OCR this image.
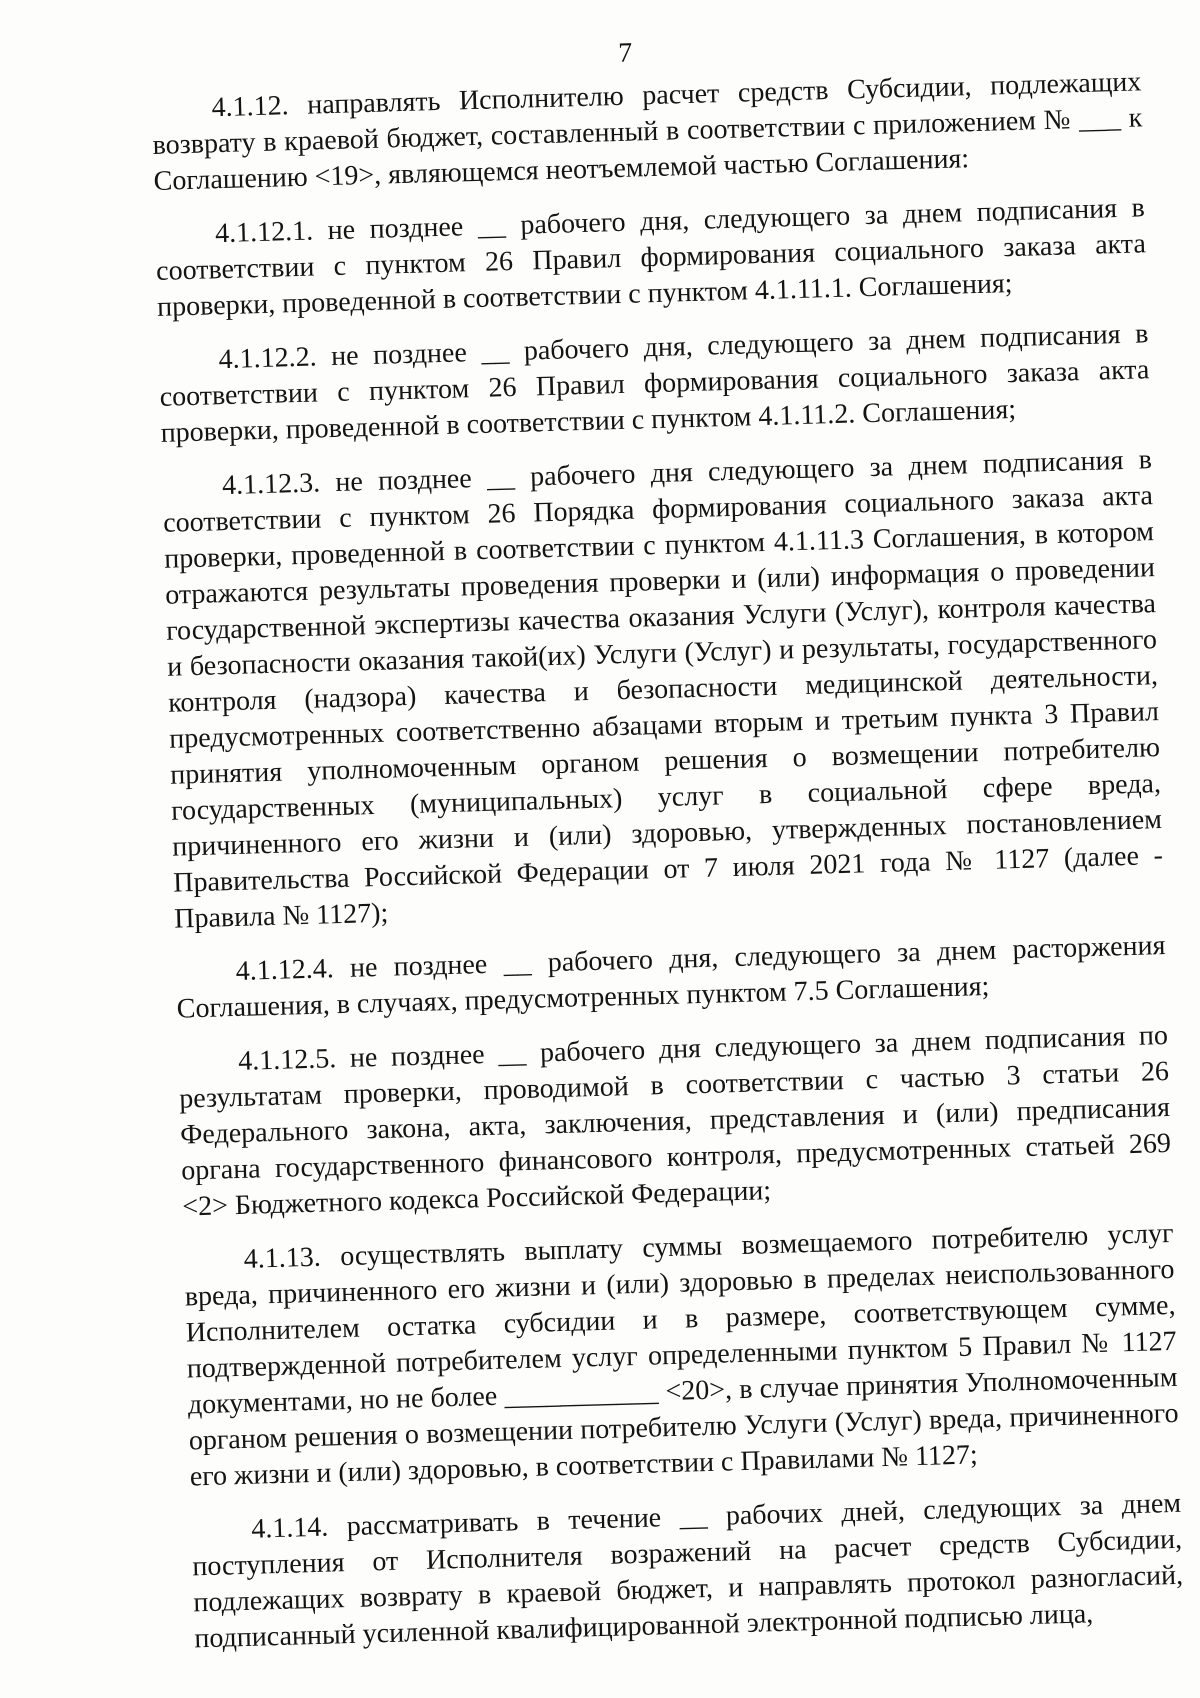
7

4.1.12. направлять Исполнителю расчет средств Субсидии, подлежащих возврату в краевой бюджет, составленный в соответствии с приложением № ___ к Соглашению <19>, являющемся неотъемлемой частью Соглашения:

4.1.12.1. не позднее __ рабочего дня, следующего за днем подписания в соответствии с пунктом 26 Правил формирования социального заказа акта проверки, проведенной в соответствии с пунктом 4.1.11.1. Соглашения;

4.1.12.2. не позднее __ рабочего дня, следующего за днем подписания в соответствии с пунктом 26 Правил формирования социального заказа акта проверки, проведенной в соответствии с пунктом 4.1.11.2. Соглашения;

4.1.12.3. не позднее __ рабочего дня следующего за днем подписания в соответствии с пунктом 26 Порядка формирования социального заказа акта проверки, проведенной в соответствии с пунктом 4.1.11.3 Соглашения, в котором отражаются результаты проведения проверки и (или) информация о проведении государственной экспертизы качества оказания Услуги (Услуг), контроля качества и безопасности оказания такой(их) Услуги (Услуг) и результаты, государственного контроля (надзора) качества и безопасности медицинской деятельности, предусмотренных соответственно абзацами вторым и третьим пункта 3 Правил принятия уполномоченным органом решения о возмещении потребителю государственных (муниципальных) услуг в социальной сфере вреда, причиненного его жизни и (или) здоровью, утвержденных постановлением Правительства Российской Федерации от 7 июля 2021 года № 1127 (далее - Правила № 1127);

4.1.12.4. не позднее __ рабочего дня, следующего за днем расторжения Соглашения, в случаях, предусмотренных пунктом 7.5 Соглашения;

4.1.12.5. не позднее __ рабочего дня следующего за днем подписания по результатам проверки, проводимой в соответствии с частью 3 статьи 26 Федерального закона, акта, заключения, представления и (или) предписания органа государственного финансового контроля, предусмотренных статьей 269 <2> Бюджетного кодекса Российской Федерации;

4.1.13. осуществлять выплату суммы возмещаемого потребителю услуг вреда, причиненного его жизни и (или) здоровью в пределах неиспользованного Исполнителем остатка субсидии и в размере, соответствующем сумме, подтвержденной потребителем услуг определенными пунктом 5 Правил № 1127 документами, но не более ___________ <20>, в случае принятия Уполномоченным органом решения о возмещении потребителю Услуги (Услуг) вреда, причиненного его жизни и (или) здоровью, в соответствии с Правилами № 1127;

4.1.14. рассматривать в течение __ рабочих дней, следующих за днем поступления от Исполнителя возражений на расчет средств Субсидии, подлежащих возврату в краевой бюджет, и направлять протокол разногласий, подписанный усиленной квалифицированной электронной подписью лица,
